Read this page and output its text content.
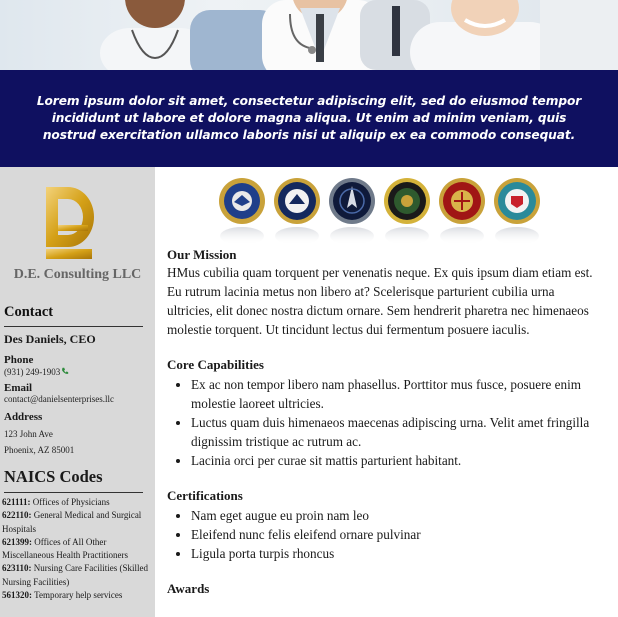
Lorem ipsum dolor sit amet, consectetur adipiscing elit, sed do eiusmod tempor incididunt ut labore et dolore magna aliqua. Ut enim ad minim veniam, quis nostrud exercitation ullamco laboris nisi ut aliquip ex ea commodo consequat.
D.E. Consulting LLC
Contact
Des Daniels, CEO
Phone
(931) 249-1903
Email
contact@danielsenterprises.llc
Address
123 John Ave
Phoenix, AZ 85001
NAICS Codes
621111: Offices of Physicians
622110: General Medical and Surgical Hospitals
621399: Offices of All Other Miscellaneous Health Practitioners
623110: Nursing Care Facilities (Skilled Nursing Facilities)
561320: Temporary help services
Our Mission

HMus cubilia quam torquent per venenatis neque. Ex quis ipsum diam etiam est. Eu rutrum lacinia metus non libero at? Scelerisque parturient cubilia urna ultricies, elit donec nostra dictum ornare. Sem hendrerit pharetra nec himenaeos molestie torquent. Ut tincidunt lectus dui fermentum posuere iaculis.

Core Capabilities
• Ex ac non tempor libero nam phasellus. Porttitor mus fusce, posuere enim molestie laoreet ultricies.
• Luctus quam duis himenaeos maecenas adipiscing urna. Velit amet fringilla dignissim tristique ac rutrum ac.
• Lacinia orci per curae sit mattis parturient habitant.
Certifications
• Nam eget augue eu proin nam leo
• Eleifend nunc felis eleifend ornare pulvinar
• Ligula porta turpis rhoncus
Awards
